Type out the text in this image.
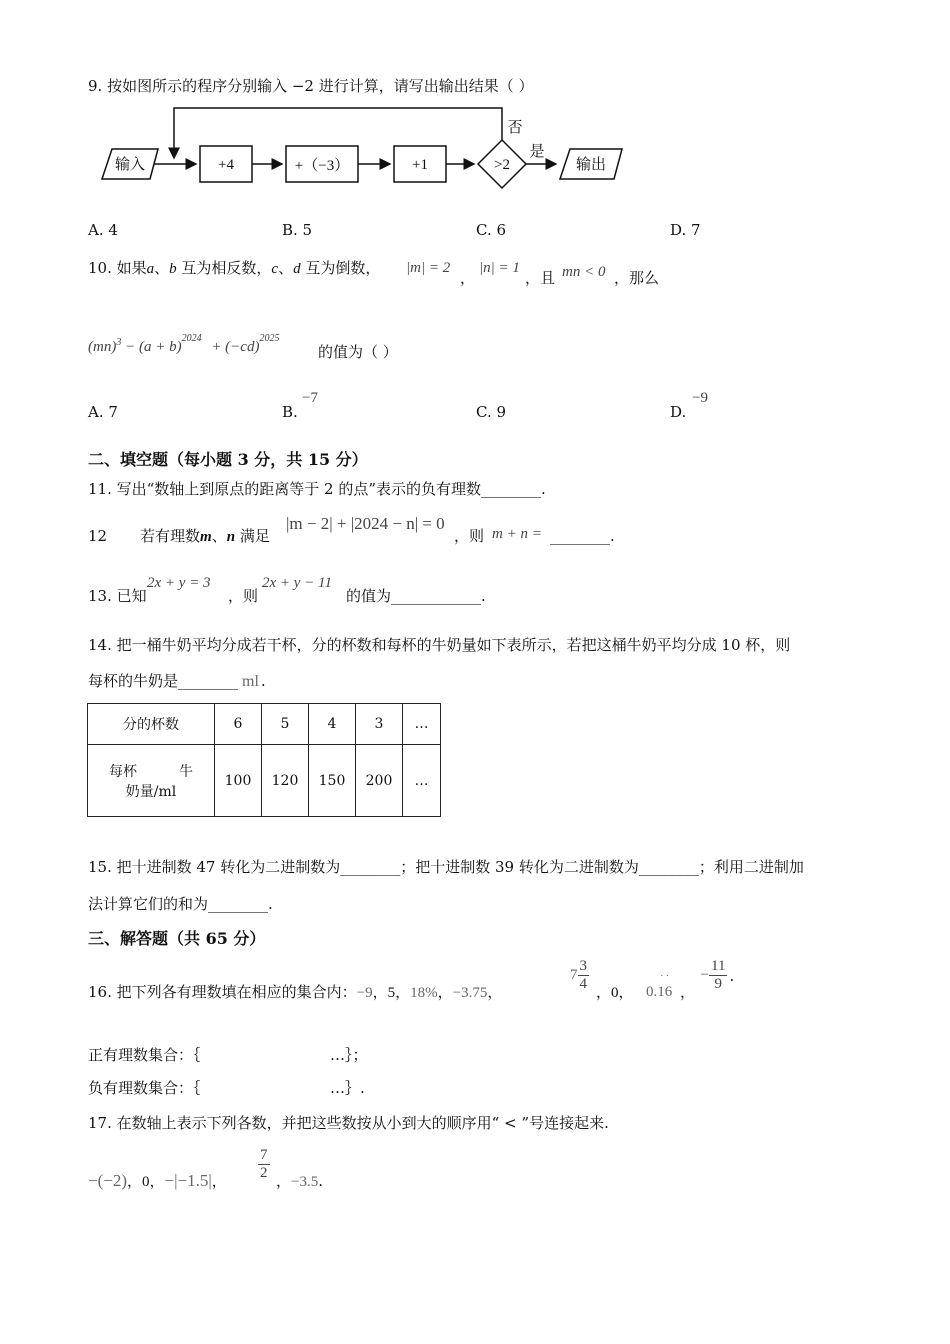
9. 按如图所示的程序分别输入 −2 进行计算，请写出输出结果（ ）
输入	+4	+（−3）	+1	>2
否
是
输出
A. 4	B. 5	C. 6	D. 7
10. 如果a、b 互为相反数，c、d 互为倒数， |m| = 2
，
|n| = 1
，且 mn < 0 ，那么
$(mn)^3 - (a + b)^{2024} + (-cd)^{2025}$
的值为（ ）
A. 7	B.
−7
C. 9	D.
−9
二、填空题（每小题 3 分，共 15 分）
11. 写出“数轴上到原点的距离等于 2 的点”表示的负有理数________.
12 若有理数m、n 满足
|m − 2| + |2024 − n| = 0
，则 m + n = ________.
13. 已知
2x + y = 3
，则
2x + y − 11
的值为____________.
14. 把一桶牛奶平均分成若干杯，分的杯数和每杯的牛奶量如下表所示，若把这桶牛奶平均分成 10 杯，则
每杯的牛奶是________ ml .
分的杯数	6	5	4	3	…

每杯　　　牛
奶量/ml	100	120	150	200	…
15. 把十进制数 47 转化为二进制数为________；把十进制数 39 转化为二进制数为________；利用二进制加
法计算它们的和为________.
三、解答题（共 65 分）
16. 把下列各有理数填在相应的集合内：−9，5，18%，−3.75，
$7 \frac{3}{4}$ ，0， 0.16
··
，
− $\frac{11}{9}$ .
正有理数集合：｛	…｝；
负有理数集合：｛	…｝.
17. 在数轴上表示下列各数，并把这些数按从小到大的顺序用“ < ”号连接起来.
−(−2)，0，−|−1.5|， $\frac{7}{2}$ ，−3.5.
